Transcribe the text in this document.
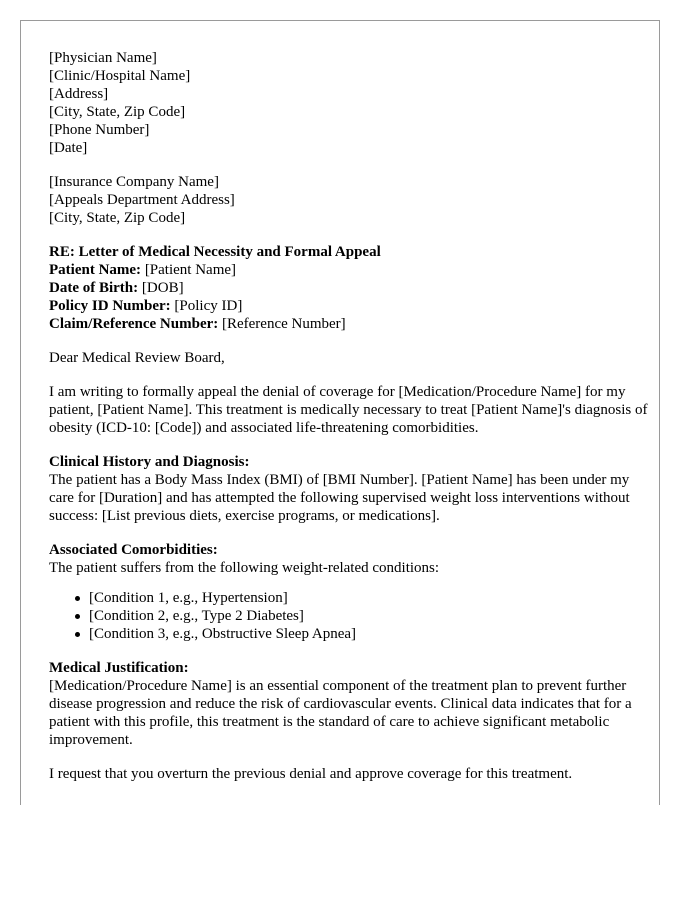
[Physician Name]
[Clinic/Hospital Name]
[Address]
[City, State, Zip Code]
[Phone Number]
[Date]
[Insurance Company Name]
[Appeals Department Address]
[City, State, Zip Code]
RE: Letter of Medical Necessity and Formal Appeal
Patient Name: [Patient Name]
Date of Birth: [DOB]
Policy ID Number: [Policy ID]
Claim/Reference Number: [Reference Number]

Dear Medical Review Board,

I am writing to formally appeal the denial of coverage for [Medication/Procedure Name] for my patient, [Patient Name]. This treatment is medically necessary to treat [Patient Name]'s diagnosis of obesity (ICD-10: [Code]) and associated life-threatening comorbidities.

Clinical History and Diagnosis:
The patient has a Body Mass Index (BMI) of [BMI Number]. [Patient Name] has been under my care for [Duration] and has attempted the following supervised weight loss interventions without success: [List previous diets, exercise programs, or medications].
Associated Comorbidities:
The patient suffers from the following weight-related conditions:
[Condition 1, e.g., Hypertension]
[Condition 2, e.g., Type 2 Diabetes]
[Condition 3, e.g., Obstructive Sleep Apnea]
Medical Justification:
[Medication/Procedure Name] is an essential component of the treatment plan to prevent further disease progression and reduce the risk of cardiovascular events. Clinical data indicates that for a patient with this profile, this treatment is the standard of care to achieve significant metabolic improvement.

I request that you overturn the previous denial and approve coverage for this treatment.
